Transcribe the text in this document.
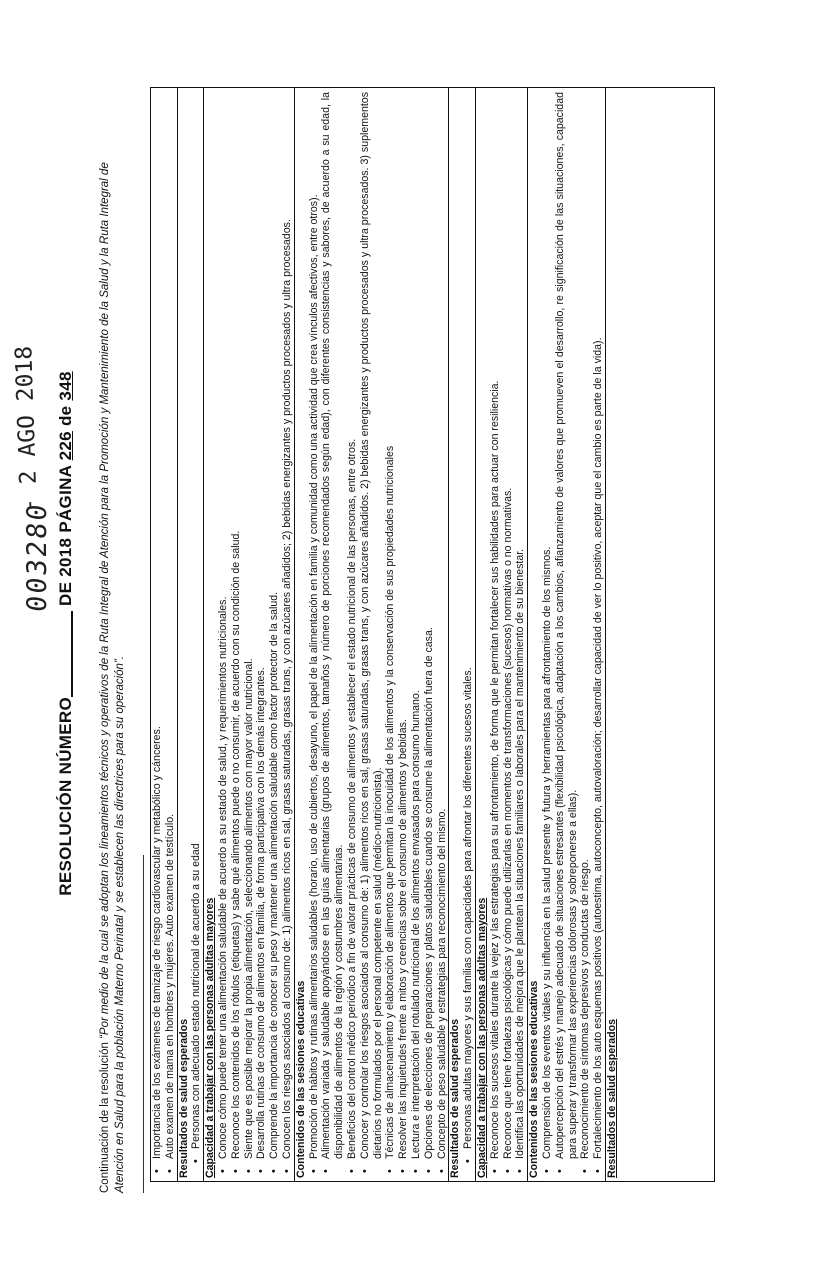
003280
- 2 AGO 2018
RESOLUCIÓN NÚMERO DE 2018 PÁGINA 226 de 348
Continuación de la resolución “Por medio de la cual se adoptan los lineamientos técnicos y operativos de la Ruta Integral de Atención para la Promoción y Mantenimiento de la Salud y la Ruta Integral de Atención en Salud para la población Materno Perinatal y se establecen las directrices para su operación”. • Importancia de los exámenes de tamizaje de riesgo cardiovascular y metabólico y cánceres. • Auto examen de mama en hombres y mujeres. Auto examen de testículo. Resultados de salud esperados • Personas con adecuado estado nutricional de acuerdo a su edad Capacidad a trabajar con las personas adultas mayores • Conoce cómo puede tener una alimentación saludable de acuerdo a su estado de salud, y requerimientos nutricionales. • Reconoce los contenidos de los rótulos (etiquetas) y sabe qué alimentos puede o no consumir, de acuerdo con su condición de salud. • Siente que es posible mejorar la propia alimentación, seleccionando alimentos con mayor valor nutricional. • Desarrolla rutinas de consumo de alimentos en familia, de forma participativa con los demás integrantes. • Comprende la importancia de conocer su peso y mantener una alimentación saludable como factor protector de la salud. • Conocen los riesgos asociados al consumo de: 1) alimentos ricos en sal, grasas saturadas, grasas trans, y con azúcares añadidos; 2) bebidas energizantes y productos procesados y ultra procesados. Contenidos de las sesiones educativas • Promoción de hábitos y rutinas alimentarios saludables (horario, uso de cubiertos, desayuno, el papel de la alimentación en familia y comunidad como una actividad que crea vínculos afectivos, entre otros). • Alimentación variada y saludable apoyándose en las guías alimentarias (grupos de alimentos, tamaños y número de porciones recomendados según edad), con diferentes consistencias y sabores, de acuerdo a su edad, la disponibilidad de alimentos de la región y costumbres alimentarias. • Beneficios del control médico periódico a fin de valorar prácticas de consumo de alimentos y establecer el estado nutricional de las personas, entre otros. • Conocer y controlar los riesgos asociados al consumo de: 1) alimentos ricos en sal, grasas saturadas, grasas trans, y con azúcares añadidos. 2) bebidas energizantes y productos procesados y ultra procesados. 3) suplementos dietarios no formulados por el personal competente en salud (médico-nutricionista). • Técnicas de almacenamiento y elaboración de alimentos que permitan la inocuidad de los alimentos y la conservación de sus propiedades nutricionales • Resolver las inquietudes frente a mitos y creencias sobre el consumo de alimentos y bebidas. • Lectura e interpretación del rotulado nutricional de los alimentos envasados para consumo humano. • Opciones de elecciones de preparaciones y platos saludables cuando se consume la alimentación fuera de casa. • Concepto de peso saludable y estrategias para reconocimiento del mismo. Resultados de salud esperados • Personas adultas mayores y sus familias con capacidades para afrontar los diferentes sucesos vitales. Capacidad a trabajar con las personas adultas mayores • Reconoce los sucesos vitales durante la vejez y las estrategias para su afrontamiento, de forma que le permitan fortalecer sus habilidades para actuar con resiliencia. • Reconoce que tiene fortalezas psicológicas y cómo puede utilizarlas en momentos de transformaciones (sucesos) normativas o no normativas. • Identifica las oportunidades de mejora que le plantean la situaciones familiares o laborales para el mantenimiento de su bienestar. Contenidos de las sesiones educativas • Comprensión de los eventos vitales y su influencia en la salud presente y futura y herramientas para afrontamiento de los mismos. • Autopercepción del estrés y manejo adecuado de situaciones estresantes (flexibilidad psicológica, adaptación a los cambios, afianzamiento de valores que promueven el desarrollo, re significación de las situaciones, capacidad para superar y transformar las experiencias dolorosas y sobreponerse a ellas). • Reconocimiento de síntomas depresivos y conductas de riesgo. • Fortalecimiento de los auto esquemas positivos (autoestima, autoconcepto, autovaloración; desarrollar capacidad de ver lo positivo, aceptar que el cambio es parte de la vida). Resultados de salud esperados
